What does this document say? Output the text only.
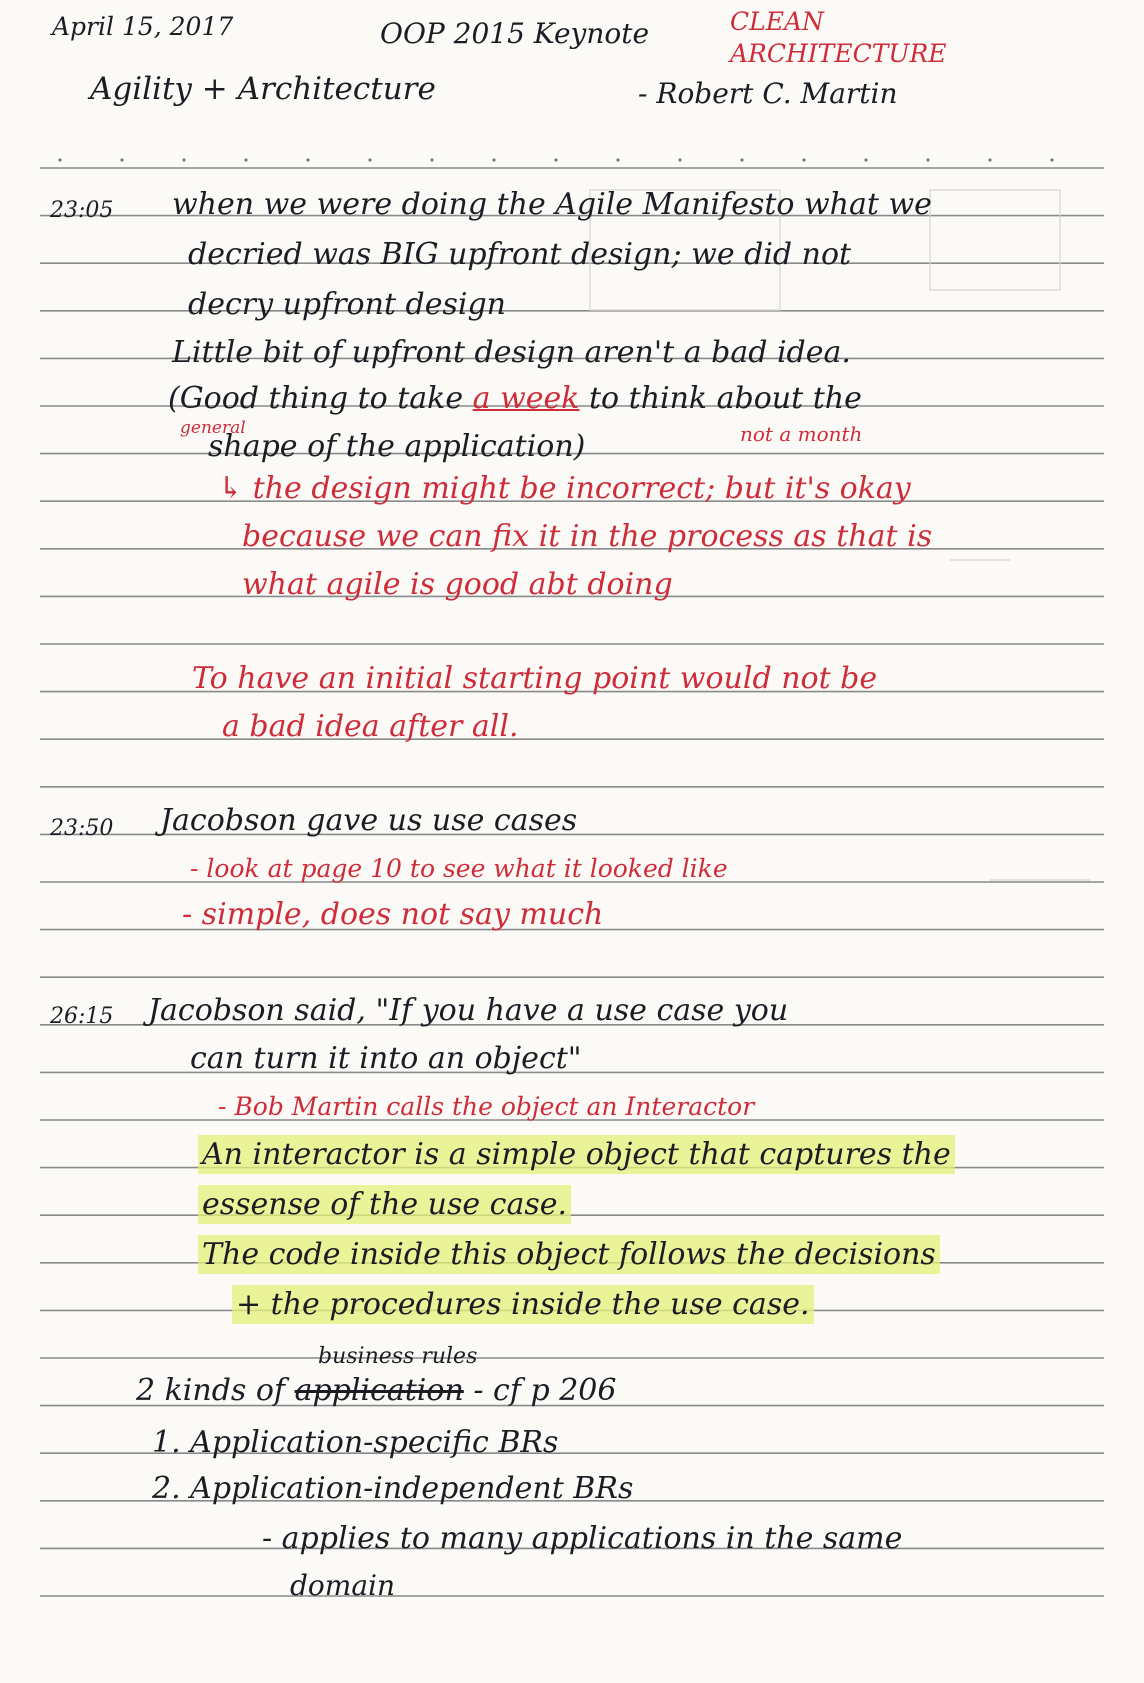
April 15, 2017	OOP 2015 Keynote	CLEAN ARCHITECTURE
Agility + Architecture	- Robert C. Martin
23:05 when we were doing the Agile Manifesto what we
decried was BIG upfront design; we did not
decry upfront design
Little bit of upfront design aren't a bad idea.
(Good thing to take a week to think about the
general
shape of the application)	not a month
↳ the design might be incorrect; but it's okay
because we can fix it in the process as that is
what agile is good abt doing
To have an initial starting point would not be
a bad idea after all.
23:50 Jacobson gave us use cases
- look at page 10 to see what it looked like
- simple, does not say much
26:15 Jacobson said, "If you have a use case you
can turn it into an object"
- Bob Martin calls the object an Interactor
An interactor is a simple object that captures the
essense of the use case.
The code inside this object follows the decisions
+ the procedures inside the use case.
business rules
2 kinds of application - cf p 206
1. Application-specific BRs
2. Application-independent BRs
- applies to many applications in the same
domain
